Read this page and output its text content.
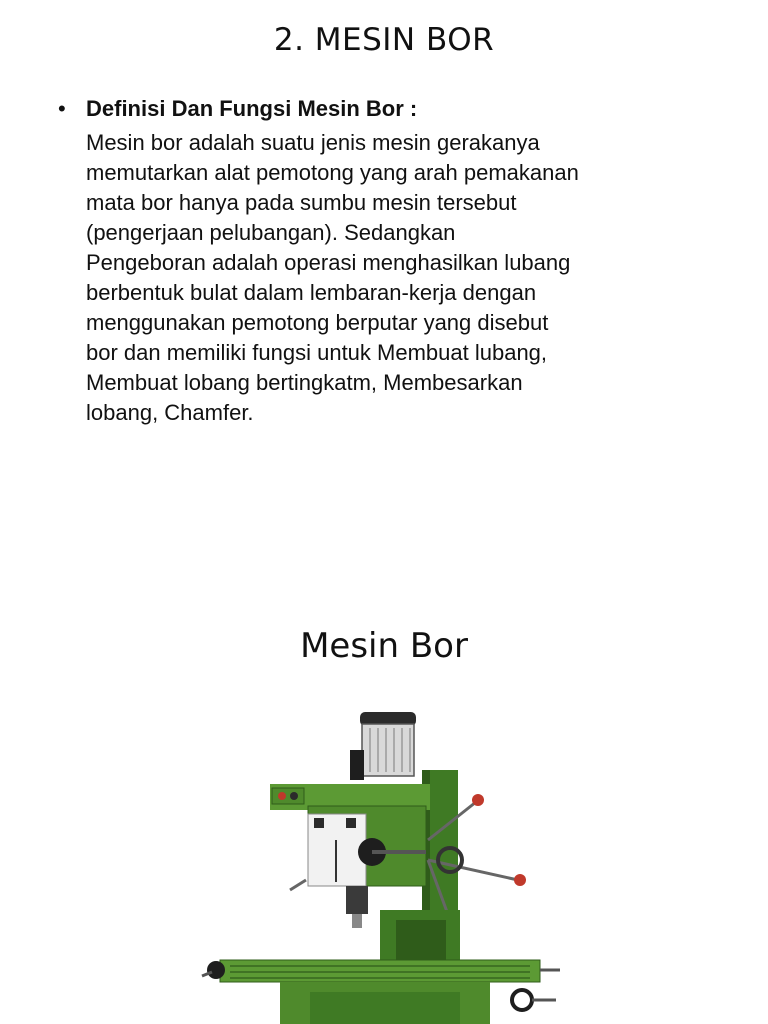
2. MESIN BOR

• Definisi Dan Fungsi Mesin Bor :

Mesin bor adalah suatu jenis mesin gerakanya
memutarkan alat pemotong yang arah pemakanan
mata bor hanya pada sumbu mesin tersebut
(pengerjaan pelubangan). Sedangkan
Pengeboran adalah operasi menghasilkan lubang
berbentuk bulat dalam lembaran-kerja dengan
menggunakan pemotong berputar yang disebut
bor dan memiliki fungsi untuk Membuat lubang,
Membuat lobang bertingkatm, Membesarkan
lobang, Chamfer.

Mesin Bor
